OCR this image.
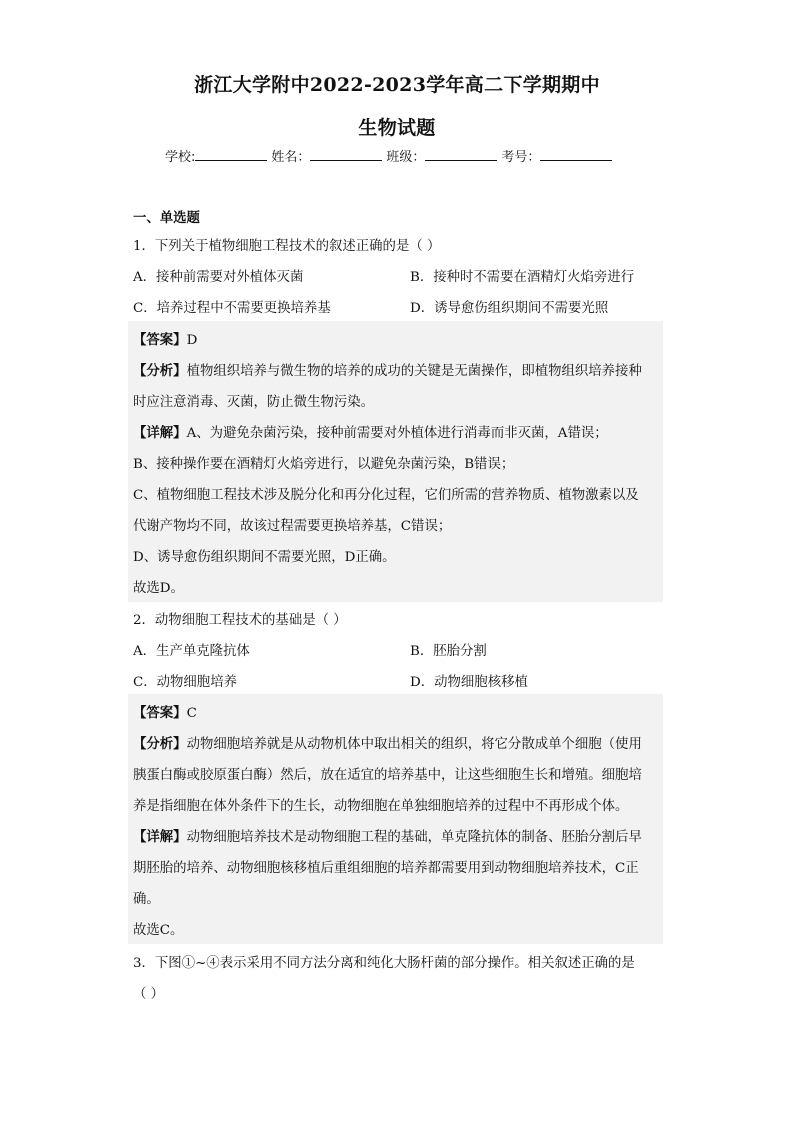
浙江大学附中2022-2023学年高二下学期期中
生物试题
学校:	姓名：	班级：	考号：
一、单选题
1．下列关于植物细胞工程技术的叙述正确的是（ ）
A．接种前需要对外植体灭菌	B．接种时不需要在酒精灯火焰旁进行
C．培养过程中不需要更换培养基	D．诱导愈伤组织期间不需要光照
【答案】D
【分析】植物组织培养与微生物的培养的成功的关键是无菌操作，即植物组织培养接种
时应注意消毒、灭菌，防止微生物污染。
【详解】A、为避免杂菌污染，接种前需要对外植体进行消毒而非灭菌，A错误；
B、接种操作要在酒精灯火焰旁进行，以避免杂菌污染，B错误；
C、植物细胞工程技术涉及脱分化和再分化过程，它们所需的营养物质、植物激素以及
代谢产物均不同，故该过程需要更换培养基，C错误；
D、诱导愈伤组织期间不需要光照，D正确。
故选D。
2．动物细胞工程技术的基础是（ ）
A．生产单克隆抗体	B．胚胎分割
C．动物细胞培养	D．动物细胞核移植
【答案】C
【分析】动物细胞培养就是从动物机体中取出相关的组织，将它分散成单个细胞（使用
胰蛋白酶或胶原蛋白酶）然后，放在适宜的培养基中，让这些细胞生长和增殖。细胞培
养是指细胞在体外条件下的生长，动物细胞在单独细胞培养的过程中不再形成个体。
【详解】动物细胞培养技术是动物细胞工程的基础，单克隆抗体的制备、胚胎分割后早
期胚胎的培养、动物细胞核移植后重组细胞的培养都需要用到动物细胞培养技术，C正
确。
故选C。
3．下图①~④表示采用不同方法分离和纯化大肠杆菌的部分操作。相关叙述正确的是
（ ）
